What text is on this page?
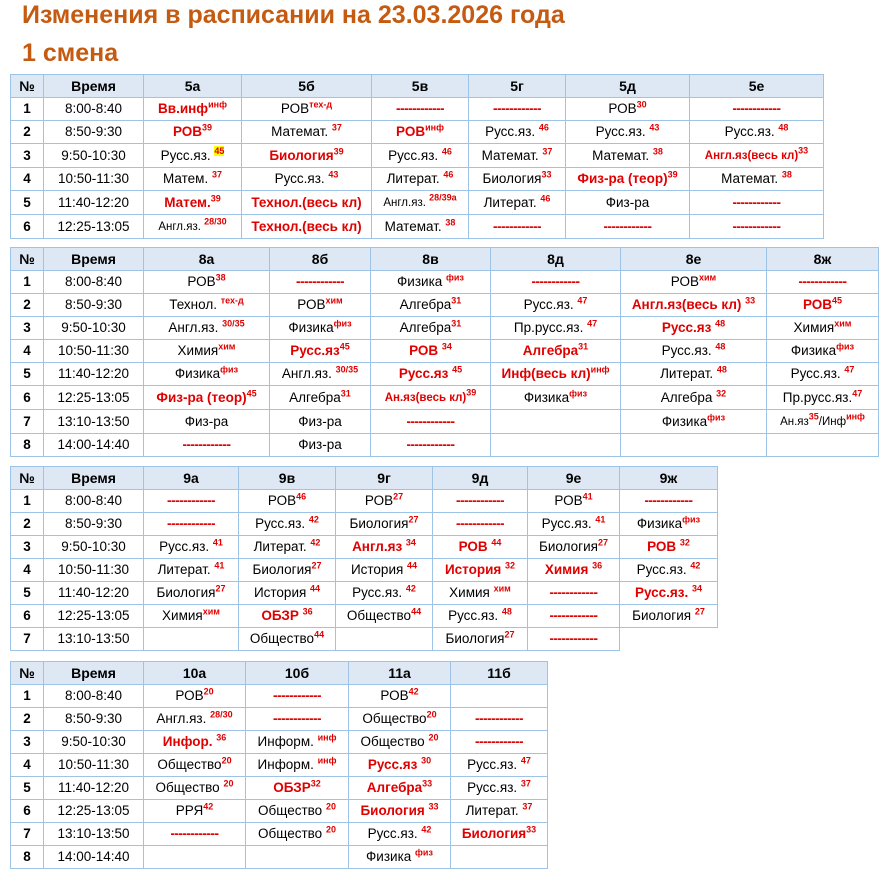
Изменения в расписании на 23.03.2026 года
1 смена
№	Время	5а	5б	5в	5г	5д	5е
1	8:00-8:40	Вв.инф$^{инф}$	$РОВ^{тех-д}$	------------	------------	РОВ$^{30}$	------------
2	8:50-9:30	РОВ$^{39}$	Математ. $^{37}$	$РОВ^{инф}$	Русс.яз. $^{46}$	Русс.яз. $^{43}$	Русс.яз. $^{48}$
3	9:50-10:30	Русс.яз. $^{45}$	Биология$^{39}$	Русс.яз. $^{46}$	Математ. $^{37}$	Математ. $^{38}$	Англ.яз(весь кл)$^{33}$
4	10:50-11:30	Матем. $^{37}$	Русс.яз. $^{43}$	Литерат. $^{46}$	Биология$^{33}$	Физ-ра (теор)$^{39}$	Математ. $^{38}$
5	11:40-12:20	Матем.$^{39}$	Технол.(весь кл)	Англ.яз. $^{28/39а}$	Литерат. $^{46}$	Физ-ра	------------
6	12:25-13:05	Англ.яз. $^{28/30}$	Технол.(весь кл)	Математ. $^{38}$	------------	------------	------------
№	Время	8а	8б	8в	8д	8е	8ж
1	8:00-8:40	РОВ$^{38}$	------------	Физика $^{физ}$	------------	$РОВ^{хим}$	------------
2	8:50-9:30	Технол. $^{тех-д}$	$РОВ^{хим}$	Алгебра$^{31}$	Русс.яз. $^{47}$	Англ.яз(весь кл) $^{33}$	РОВ$^{45}$
3	9:50-10:30	Англ.яз. $^{30/35}$	Физика$^{физ}$	Алгебра$^{31}$	Пр.русс.яз. $^{47}$	Русс.яз $^{48}$	Химия$^{хим}$
4	10:50-11:30	Химия$^{хим}$	$Русс.яз^{45}$	РОВ $^{34}$	Алгебра$^{31}$	Русс.яз. $^{48}$	Физика$^{физ}$
5	11:40-12:20	Физика$^{физ}$	Англ.яз. $^{30/35}$	Русс.яз $^{45}$	Инф(весь кл)$^{инф}$	Литерат. $^{48}$	Русс.яз. $^{47}$
6	12:25-13:05	Физ-ра (теор)$^{45}$	Алгебра$^{31}$	Ан.яз(весь кл)$^{39}$	Физика$^{физ}$	Алгебра $^{32}$	Пр.русс.яз.$^{47}$
7	13:10-13:50	Физ-ра	Физ-ра	------------		Физика$^{физ}$	$Ан.яз^{35}/Инф^{инф}$
8	14:00-14:40	------------	Физ-ра	------------			
№	Время	9а	9в	9г	9д	9е	9ж
1	8:00-8:40	------------	РОВ$^{46}$	РОВ$^{27}$	------------	РОВ$^{41}$	------------
2	8:50-9:30	------------	Русс.яз. $^{42}$	Биология$^{27}$	------------	Русс.яз. $^{41}$	Физика$^{физ}$
3	9:50-10:30	Русс.яз. $^{41}$	Литерат. $^{42}$	Англ.яз $^{34}$	РОВ $^{44}$	Биология$^{27}$	РОВ $^{32}$
4	10:50-11:30	Литерат. $^{41}$	Биология$^{27}$	История $^{44}$	История $^{32}$	Химия $^{36}$	Русс.яз. $^{42}$
5	11:40-12:20	Биология$^{27}$	История $^{44}$	Русс.яз. $^{42}$	Химия $^{хим}$	------------	Русс.яз. $^{34}$
6	12:25-13:05	Химия$^{хим}$	ОБЗР $^{36}$	Общество$^{44}$	Русс.яз. $^{48}$	------------	Биология $^{27}$
7	13:10-13:50		Общество$^{44}$		Биология$^{27}$	------------	
№	Время	10а	10б	11а	11б
1	8:00-8:40	РОВ$^{20}$	------------	РОВ$^{42}$	
2	8:50-9:30	Англ.яз. $^{28/30}$	------------	Общество$^{20}$	------------
3	9:50-10:30	Инфор. $^{36}$	Информ. $^{инф}$	Общество $^{20}$	------------
4	10:50-11:30	Общество$^{20}$	Информ. $^{инф}$	Русс.яз $^{30}$	Русс.яз. $^{47}$
5	11:40-12:20	Общество $^{20}$	ОБЗР$^{32}$	Алгебра$^{33}$	Русс.яз. $^{37}$
6	12:25-13:05	РРЯ$^{42}$	Общество $^{20}$	Биология $^{33}$	Литерат. $^{37}$
7	13:10-13:50	------------	Общество $^{20}$	Русс.яз. $^{42}$	Биология$^{33}$
8	14:00-14:40			Физика $^{физ}$	
